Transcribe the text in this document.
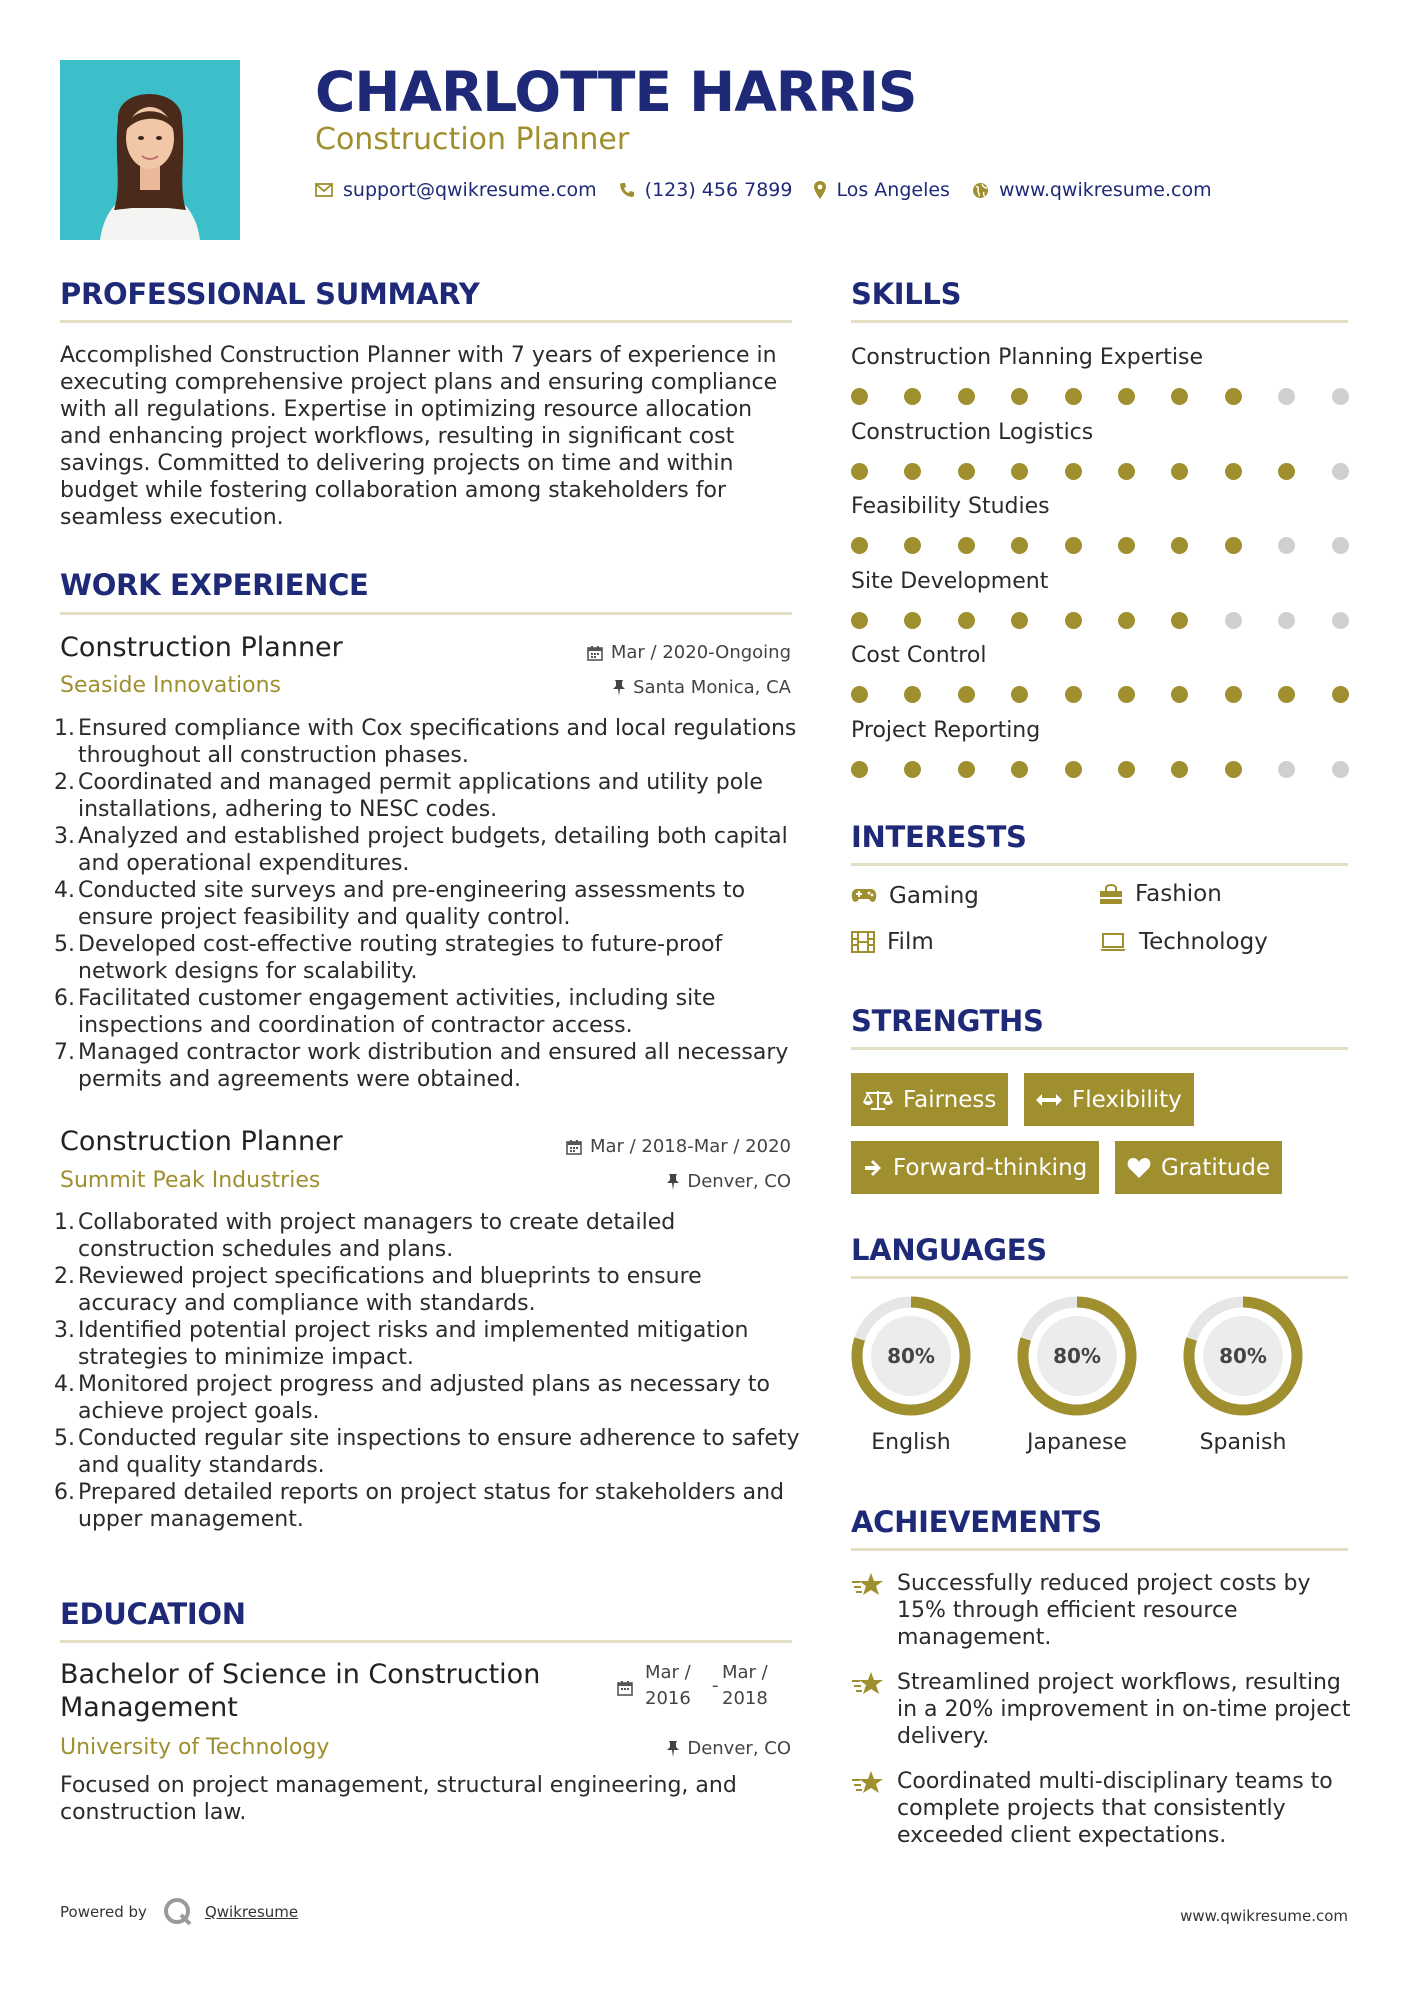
CHARLOTTE HARRIS
Construction Planner
support@qwikresume.com	(123) 456 7899 Los Angeles	www.qwikresume.com
PROFESSIONAL SUMMARY
Accomplished Construction Planner with 7 years of experience in executing comprehensive project plans and ensuring compliance with all regulations. Expertise in optimizing resource allocation and enhancing project workflows, resulting in significant cost savings. Committed to delivering projects on time and within budget while fostering collaboration among stakeholders for seamless execution.
WORK EXPERIENCE
Construction Planner
Seaside Innovations
Mar / 2020-Ongoing
Santa Monica, CA
1. Ensured compliance with Cox specifications and local regulations throughout all construction phases.
2. Coordinated and managed permit applications and utility pole installations, adhering to NESC codes.
3. Analyzed and established project budgets, detailing both capital and operational expenditures.
4. Conducted site surveys and pre-engineering assessments to ensure project feasibility and quality control.
5. Developed cost-effective routing strategies to future-proof network designs for scalability.
6. Facilitated customer engagement activities, including site inspections and coordination of contractor access.
7. Managed contractor work distribution and ensured all necessary permits and agreements were obtained.
Construction Planner
Summit Peak Industries
Mar / 2018-Mar / 2020
Denver, CO
1. Collaborated with project managers to create detailed construction schedules and plans.
2. Reviewed project specifications and blueprints to ensure accuracy and compliance with standards.
3. Identified potential project risks and implemented mitigation strategies to minimize impact.
4. Monitored project progress and adjusted plans as necessary to achieve project goals.
5. Conducted regular site inspections to ensure adherence to safety and quality standards.
6. Prepared detailed reports on project status for stakeholders and upper management.
EDUCATION
Bachelor of Science in Construction Management
Mar /
2016
-
Mar /
2018
University of Technology	Denver, CO
Focused on project management, structural engineering, and construction law.
SKILLS
Construction Planning Expertise
Construction Logistics
Feasibility Studies
Site Development
Cost Control
Project Reporting
INTERESTS
Gaming	Fashion
Film	Technology
STRENGTHS
Fairness	Flexibility
Forward-thinking	Gratitude
LANGUAGES
80%
English
80%
Japanese
80%
Spanish
ACHIEVEMENTS
Successfully reduced project costs by 15% through efficient resource management.
Streamlined project workflows, resulting in a 20% improvement in on-time project delivery.
Coordinated multi-disciplinary teams to complete projects that consistently exceeded client expectations.
Powered by	Qwikresume	www.qwikresume.com
